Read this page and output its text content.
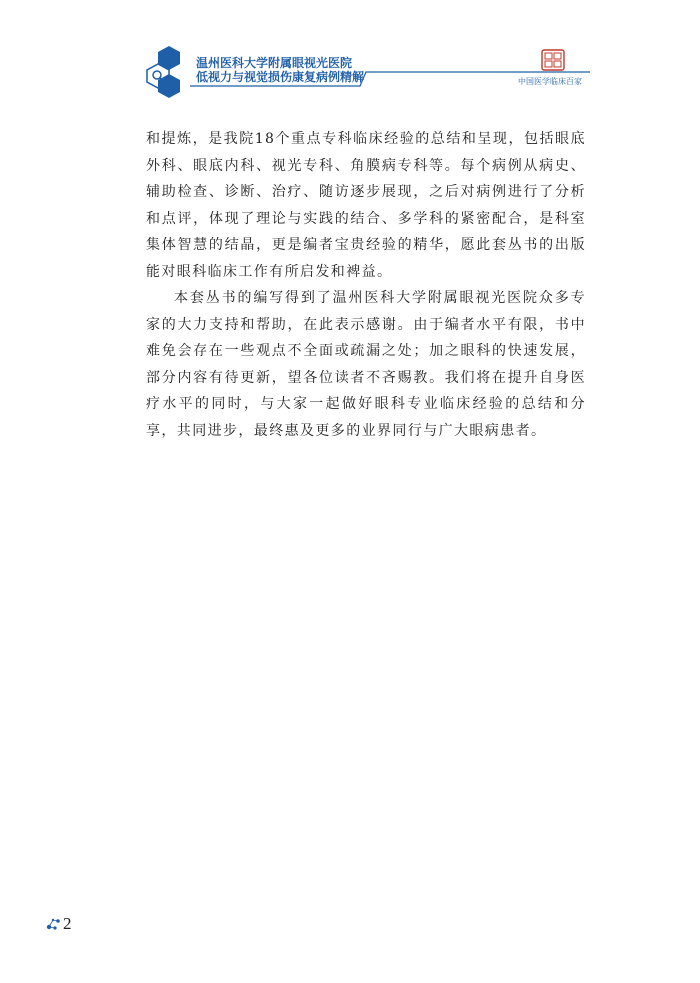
温州医科大学附属眼视光医院
低视力与视觉损伤康复病例精解	中国医学临床百家

和提炼，是我院18个重点专科临床经验的总结和呈现，包括眼底外科、眼底内科、视光专科、角膜病专科等。每个病例从病史、辅助检查、诊断、治疗、随访逐步展现，之后对病例进行了分析和点评，体现了理论与实践的结合、多学科的紧密配合，是科室集体智慧的结晶，更是编者宝贵经验的精华，愿此套丛书的出版能对眼科临床工作有所启发和裨益。

本套丛书的编写得到了温州医科大学附属眼视光医院众多专家的大力支持和帮助，在此表示感谢。由于编者水平有限，书中难免会存在一些观点不全面或疏漏之处；加之眼科的快速发展，部分内容有待更新，望各位读者不吝赐教。我们将在提升自身医疗水平的同时，与大家一起做好眼科专业临床经验的总结和分享，共同进步，最终惠及更多的业界同行与广大眼病患者。

2
